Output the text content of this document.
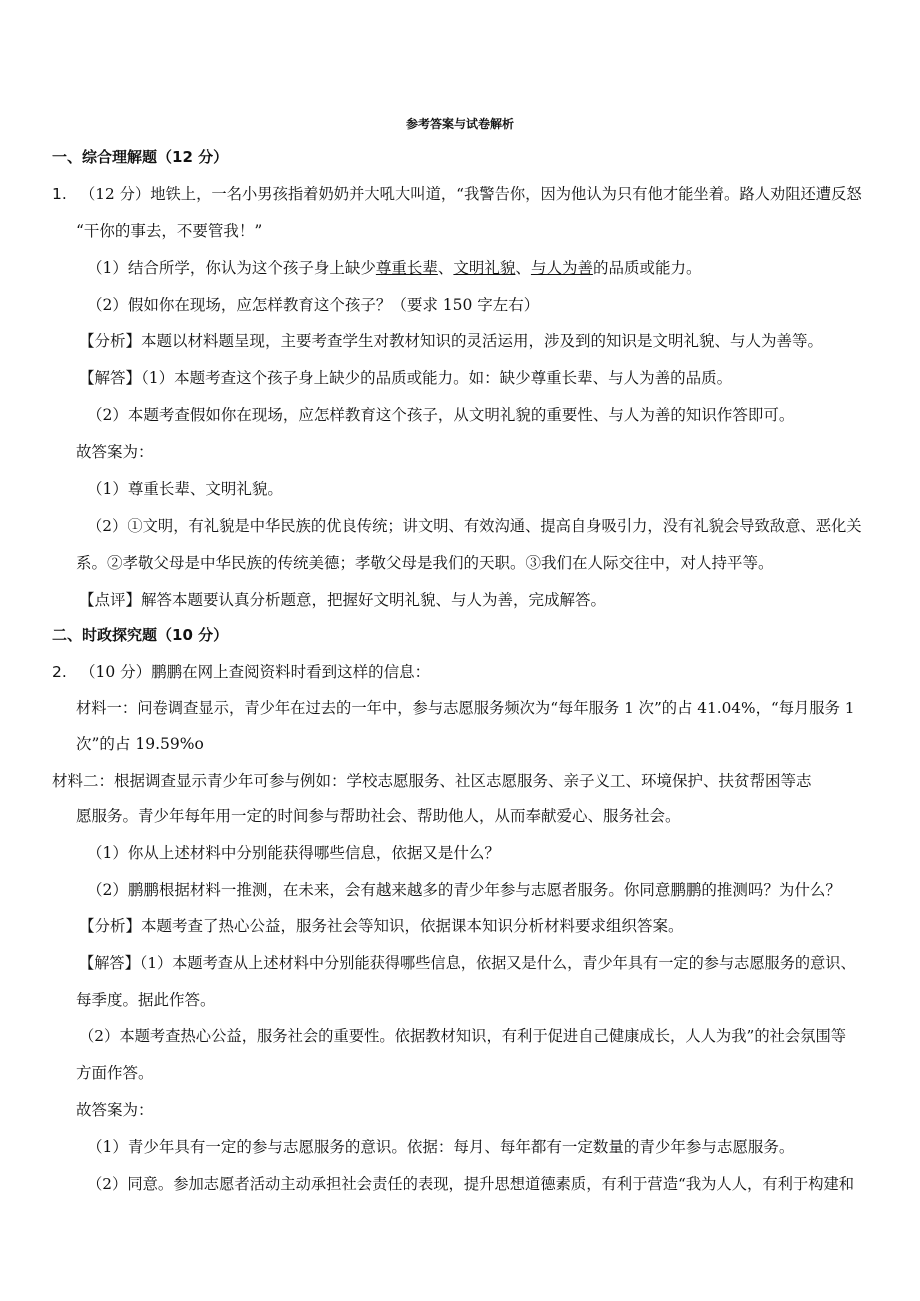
参考答案与试卷解析
一、综合理解题（12 分）
1. （12 分）地铁上，一名小男孩指着奶奶并大吼大叫道，“我警告你，因为他认为只有他才能坐着。路人劝阻还遭反怒
“干你的事去，不要管我！”
（1）结合所学，你认为这个孩子身上缺少尊重长辈、文明礼貌、与人为善的品质或能力。
（2）假如你在现场，应怎样教育这个孩子？（要求 150 字左右）
【分析】本题以材料题呈现，主要考查学生对教材知识的灵活运用，涉及到的知识是文明礼貌、与人为善等。
【解答】（1）本题考查这个孩子身上缺少的品质或能力。如：缺少尊重长辈、与人为善的品质。
（2）本题考查假如你在现场，应怎样教育这个孩子，从文明礼貌的重要性、与人为善的知识作答即可。
故答案为：
（1）尊重长辈、文明礼貌。
（2）①文明，有礼貌是中华民族的优良传统；讲文明、有效沟通、提高自身吸引力，没有礼貌会导致敌意、恶化关
系。②孝敬父母是中华民族的传统美德；孝敬父母是我们的天职。③我们在人际交往中，对人持平等。
【点评】解答本题要认真分析题意，把握好文明礼貌、与人为善，完成解答。
二、时政探究题（10 分）
2. （10 分）鹏鹏在网上查阅资料时看到这样的信息：
材料一：问卷调查显示，青少年在过去的一年中，参与志愿服务频次为“每年服务 1 次”的占 41.04%，“每月服务 1
次”的占 19.59%o
材料二：根据调查显示青少年可参与例如：学校志愿服务、社区志愿服务、亲子义工、环境保护、扶贫帮困等志
愿服务。青少年每年用一定的时间参与帮助社会、帮助他人，从而奉献爱心、服务社会。
（1）你从上述材料中分别能获得哪些信息，依据又是什么？
（2）鹏鹏根据材料一推测，在未来，会有越来越多的青少年参与志愿者服务。你同意鹏鹏的推测吗？为什么？
【分析】本题考查了热心公益，服务社会等知识，依据课本知识分析材料要求组织答案。
【解答】（1）本题考查从上述材料中分别能获得哪些信息，依据又是什么，青少年具有一定的参与志愿服务的意识、
每季度。据此作答。
（2）本题考查热心公益，服务社会的重要性。依据教材知识，有利于促进自己健康成长，人人为我”的社会氛围等
方面作答。
故答案为：
（1）青少年具有一定的参与志愿服务的意识。依据：每月、每年都有一定数量的青少年参与志愿服务。
（2）同意。参加志愿者活动主动承担社会责任的表现，提升思想道德素质，有利于营造“我为人人，有利于构建和
